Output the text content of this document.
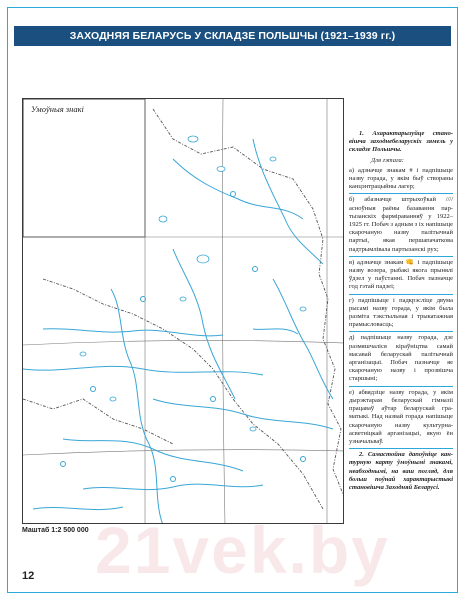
ЗАХОДНЯЯ БЕЛАРУСЬ У СКЛАДЗЕ ПОЛЬШЧЫ (1921–1939 гг.)
Умоўныя знакі

1. Ахарактарызуйце становішча заходнебеларускіх зямель у складзе Польшчы.

Для гэтага:

а) адзначце знакам # і падпішыце назву горада, у якім быў створаны канцэнтрацыйны лагер;

б) абазначце штрыхоўкай //// аснoўныя раёны базавання партызанскіх фарміраванняў у 1922–1925 гг. Побач з адным з іх напішыце скарочаную назву палітычнай партыі, якая першапачаткова падтрымлівала партызанскі рух;

в) адзначце знакам 👊 і падпішыце назву возера, рыбакі якога прынялі ўдзел у паўстанні. Побач пазначце год гэтай падзеі;

г) падпішыце і падкрэсліце двума рысамі назву горада, у якім была разміта тэкстыльная і трыкатажная прамысловасць;

д) падпішыце назву горада, дзе размяшчаліся кіраўніцтва самай масавай беларускай палітычнай арганізацыі. Побач пазначце яе скарочаную назву і прозвішча старшыні;

е) абвядзіце назву горада, у якім дырэктарам беларускай гімназіі працаваў аўтар беларускай граматыкі. Над назвай горада напішыце скарочаную назву культурна-асветніцкай арганізацыі, якую ён узначальваў.

2. Самастойна дапоўніце кантурную карту ўмоўнымі знакамі, неабходнымі, на ваш погляд, для больш поўнай характарыстыкі становішча Заходняй Беларусі.

Маштаб 1:2 500 000 21vek.by
12
